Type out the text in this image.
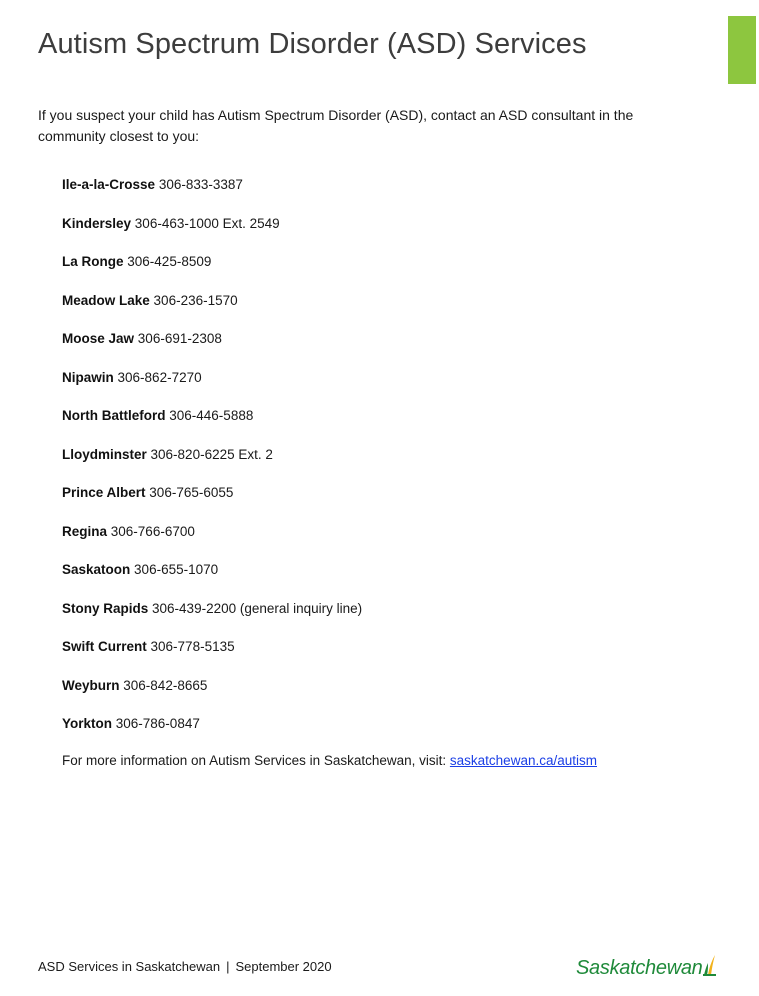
Autism Spectrum Disorder (ASD) Services

If you suspect your child has Autism Spectrum Disorder (ASD), contact an ASD consultant in the community closest to you:

Ile-a-la-Crosse 306-833-3387
Kindersley 306-463-1000 Ext. 2549
La Ronge 306-425-8509
Meadow Lake 306-236-1570
Moose Jaw 306-691-2308
Nipawin 306-862-7270
North Battleford 306-446-5888
Lloydminster 306-820-6225 Ext. 2
Prince Albert 306-765-6055
Regina 306-766-6700
Saskatoon 306-655-1070
Stony Rapids 306-439-2200 (general inquiry line)
Swift Current 306-778-5135
Weyburn 306-842-8665
Yorkton 306-786-0847

For more information on Autism Services in Saskatchewan, visit: saskatchewan.ca/autism

ASD Services in Saskatchewan | September 2020	Saskatchewan
